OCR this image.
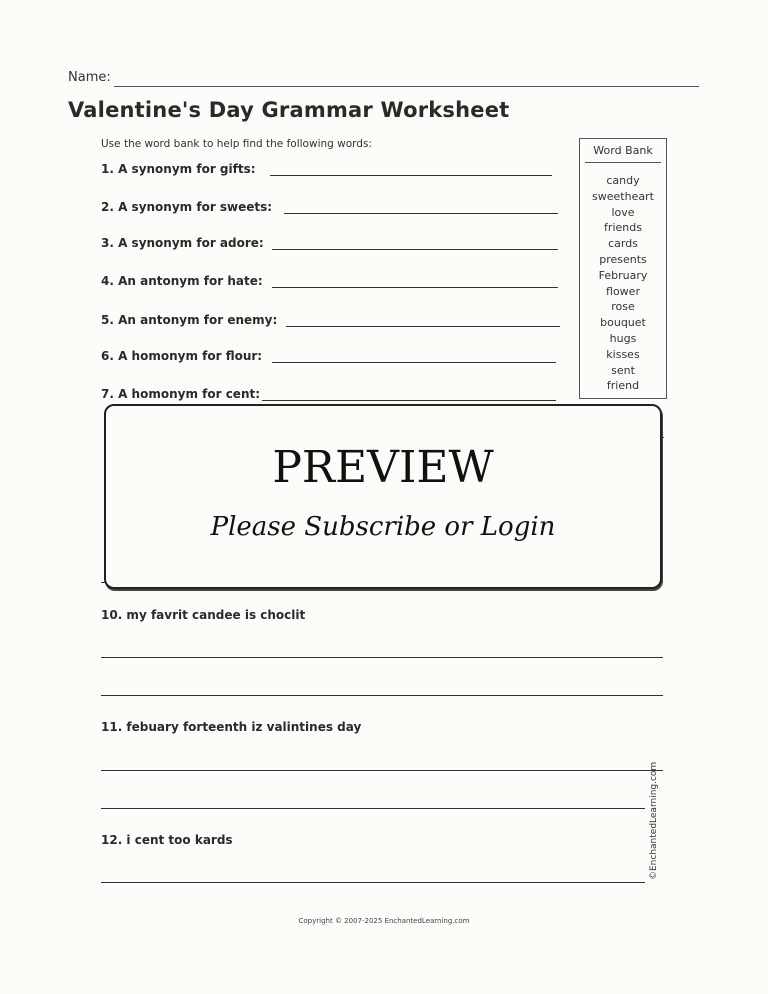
Name:
Valentine's Day Grammar Worksheet
Use the word bank to help find the following words:
1. A synonym for gifts:
2. A synonym for sweets:
3. A synonym for adore:
4. An antonym for hate:
5. An antonym for enemy:
6. A homonym for flour:
7. A homonym for cent:
Word Bank
candy
sweetheart
love
friends
cards
presents
February
flower
rose
bouquet
hugs
kisses
sent
friend
PREVIEW
Please Subscribe or Login
10. my favrit candee is choclit
11. febuary forteenth iz valintines day
12. i cent too kards	©EnchantedLearning.com
Copyright © 2007-2025 EnchantedLearning.com
